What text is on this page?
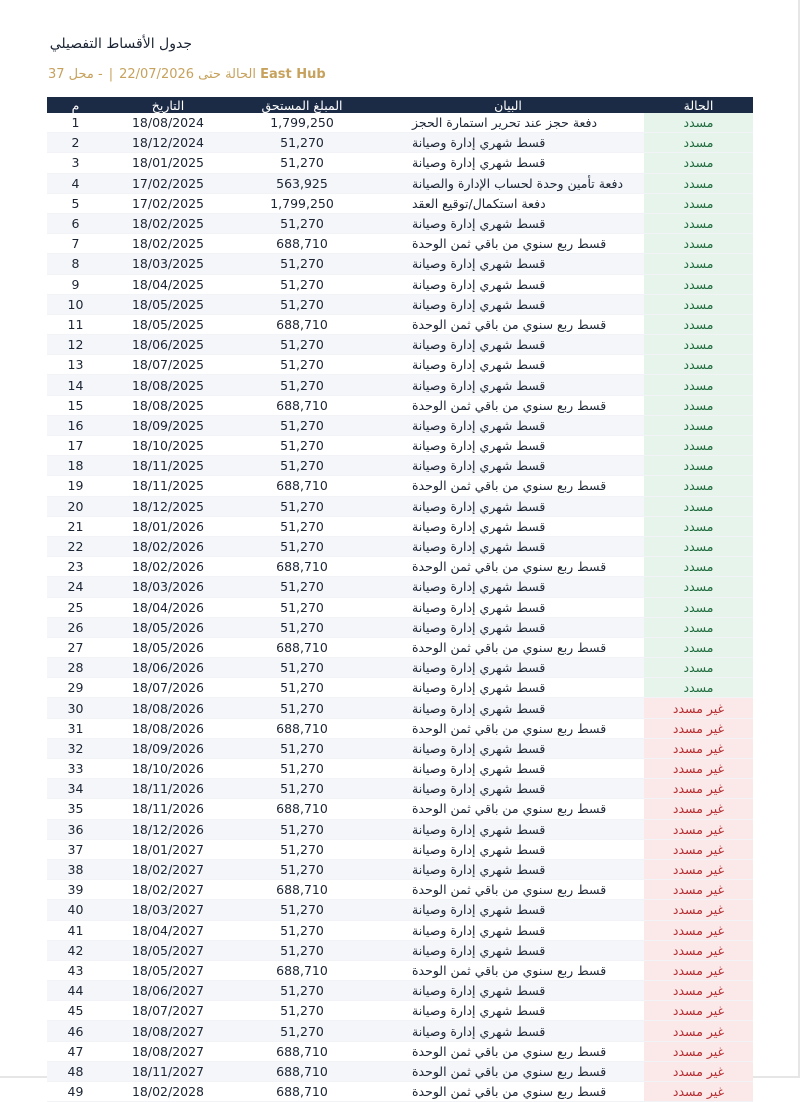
جدول الأقساط التفصيلي
الحالة حتى 22/07/2026|- محل 37	East Hub
م	التاريخ	المبلغ المستحق	البيان	الحالة
1	18/08/2024	1,799,250	دفعة حجز عند تحرير استمارة الحجز	مسدد
2	18/12/2024	51,270	قسط شهري إدارة وصيانة	مسدد
3	18/01/2025	51,270	قسط شهري إدارة وصيانة	مسدد
4	17/02/2025	563,925	دفعة تأمين وحدة لحساب الإدارة والصيانة	مسدد
5	17/02/2025	1,799,250	دفعة استكمال/توقيع العقد	مسدد
6	18/02/2025	51,270	قسط شهري إدارة وصيانة	مسدد
7	18/02/2025	688,710	قسط ربع سنوي من باقي ثمن الوحدة	مسدد
8	18/03/2025	51,270	قسط شهري إدارة وصيانة	مسدد
9	18/04/2025	51,270	قسط شهري إدارة وصيانة	مسدد
10	18/05/2025	51,270	قسط شهري إدارة وصيانة	مسدد
11	18/05/2025	688,710	قسط ربع سنوي من باقي ثمن الوحدة	مسدد
12	18/06/2025	51,270	قسط شهري إدارة وصيانة	مسدد
13	18/07/2025	51,270	قسط شهري إدارة وصيانة	مسدد
14	18/08/2025	51,270	قسط شهري إدارة وصيانة	مسدد
15	18/08/2025	688,710	قسط ربع سنوي من باقي ثمن الوحدة	مسدد
16	18/09/2025	51,270	قسط شهري إدارة وصيانة	مسدد
17	18/10/2025	51,270	قسط شهري إدارة وصيانة	مسدد
18	18/11/2025	51,270	قسط شهري إدارة وصيانة	مسدد
19	18/11/2025	688,710	قسط ربع سنوي من باقي ثمن الوحدة	مسدد
20	18/12/2025	51,270	قسط شهري إدارة وصيانة	مسدد
21	18/01/2026	51,270	قسط شهري إدارة وصيانة	مسدد
22	18/02/2026	51,270	قسط شهري إدارة وصيانة	مسدد
23	18/02/2026	688,710	قسط ربع سنوي من باقي ثمن الوحدة	مسدد
24	18/03/2026	51,270	قسط شهري إدارة وصيانة	مسدد
25	18/04/2026	51,270	قسط شهري إدارة وصيانة	مسدد
26	18/05/2026	51,270	قسط شهري إدارة وصيانة	مسدد
27	18/05/2026	688,710	قسط ربع سنوي من باقي ثمن الوحدة	مسدد
28	18/06/2026	51,270	قسط شهري إدارة وصيانة	مسدد
29	18/07/2026	51,270	قسط شهري إدارة وصيانة	مسدد
30	18/08/2026	51,270	قسط شهري إدارة وصيانة	غير مسدد
31	18/08/2026	688,710	قسط ربع سنوي من باقي ثمن الوحدة	غير مسدد
32	18/09/2026	51,270	قسط شهري إدارة وصيانة	غير مسدد
33	18/10/2026	51,270	قسط شهري إدارة وصيانة	غير مسدد
34	18/11/2026	51,270	قسط شهري إدارة وصيانة	غير مسدد
35	18/11/2026	688,710	قسط ربع سنوي من باقي ثمن الوحدة	غير مسدد
36	18/12/2026	51,270	قسط شهري إدارة وصيانة	غير مسدد
37	18/01/2027	51,270	قسط شهري إدارة وصيانة	غير مسدد
38	18/02/2027	51,270	قسط شهري إدارة وصيانة	غير مسدد
39	18/02/2027	688,710	قسط ربع سنوي من باقي ثمن الوحدة	غير مسدد
40	18/03/2027	51,270	قسط شهري إدارة وصيانة	غير مسدد
41	18/04/2027	51,270	قسط شهري إدارة وصيانة	غير مسدد
42	18/05/2027	51,270	قسط شهري إدارة وصيانة	غير مسدد
43	18/05/2027	688,710	قسط ربع سنوي من باقي ثمن الوحدة	غير مسدد
44	18/06/2027	51,270	قسط شهري إدارة وصيانة	غير مسدد
45	18/07/2027	51,270	قسط شهري إدارة وصيانة	غير مسدد
46	18/08/2027	51,270	قسط شهري إدارة وصيانة	غير مسدد
47	18/08/2027	688,710	قسط ربع سنوي من باقي ثمن الوحدة	غير مسدد
48	18/11/2027	688,710	قسط ربع سنوي من باقي ثمن الوحدة	غير مسدد
49	18/02/2028	688,710	قسط ربع سنوي من باقي ثمن الوحدة	غير مسدد
